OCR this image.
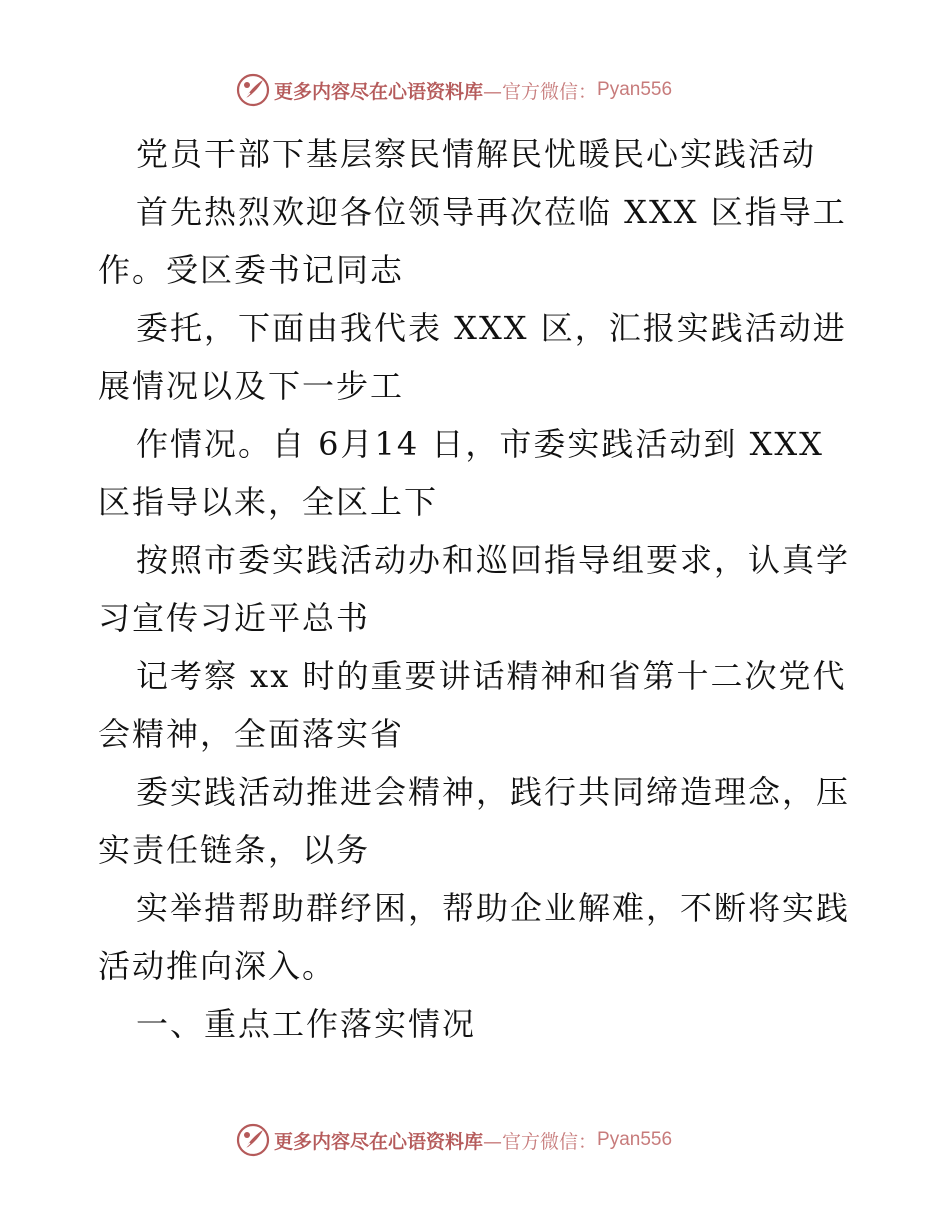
更多内容尽在心语资料库 —官方微信： Pyan556
党员干部下基层察民情解民忧暖民心实践活动
首先热烈欢迎各位领导再次莅临 XXX 区指导工
作。受区委书记同志
委托，下面由我代表 XXX 区，汇报实践活动进
展情况以及下一步工
作情况。自 6月14 日，市委实践活动到 XXX
区指导以来，全区上下
按照市委实践活动办和巡回指导组要求，认真学
习宣传习近平总书
记考察 xx 时的重要讲话精神和省第十二次党代
会精神，全面落实省
委实践活动推进会精神，践行共同缔造理念，压
实责任链条，以务
实举措帮助群纾困，帮助企业解难，不断将实践
活动推向深入。
一、重点工作落实情况
更多内容尽在心语资料库 —官方微信： Pyan556
